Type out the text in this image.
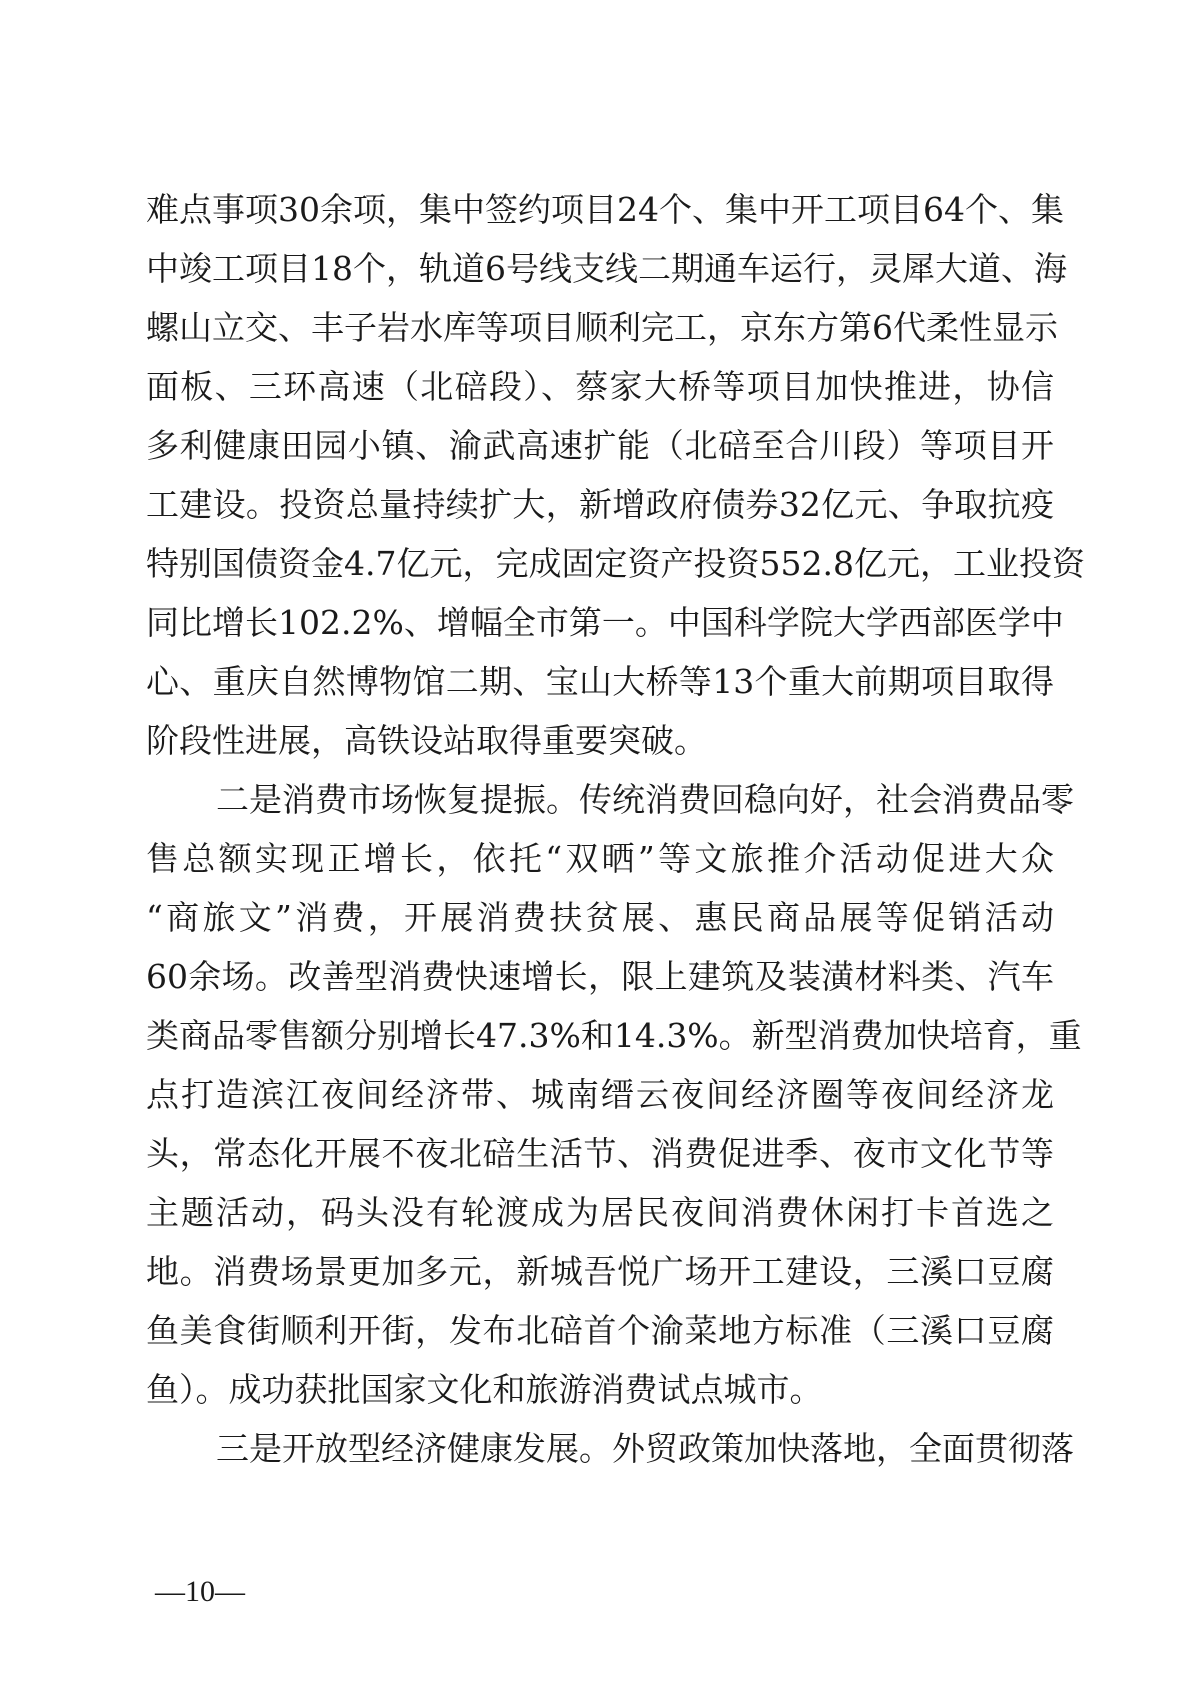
难点事项30余项，集中签约项目24个、集中开工项目64个、集
中竣工项目18个，轨道6号线支线二期通车运行，灵犀大道、海
螺山立交、丰子岩水库等项目顺利完工，京东方第6代柔性显示
面板、三环高速（北碚段）、蔡家大桥等项目加快推进，协信
多利健康田园小镇、渝武高速扩能（北碚至合川段）等项目开
工建设。投资总量持续扩大，新增政府债券32亿元、争取抗疫
特别国债资金4.7亿元，完成固定资产投资552.8亿元，工业投资
同比增长102.2%、增幅全市第一。中国科学院大学西部医学中
心、重庆自然博物馆二期、宝山大桥等13个重大前期项目取得
阶段性进展，高铁设站取得重要突破。
二是消费市场恢复提振。传统消费回稳向好，社会消费品零
售总额实现正增长，依托“双晒”等文旅推介活动促进大众
“商旅文”消费，开展消费扶贫展、惠民商品展等促销活动
60余场。改善型消费快速增长，限上建筑及装潢材料类、汽车
类商品零售额分别增长47.3%和14.3%。新型消费加快培育，重
点打造滨江夜间经济带、城南缙云夜间经济圈等夜间经济龙
头，常态化开展不夜北碚生活节、消费促进季、夜市文化节等
主题活动，码头没有轮渡成为居民夜间消费休闲打卡首选之
地。消费场景更加多元，新城吾悦广场开工建设，三溪口豆腐
鱼美食街顺利开街，发布北碚首个渝菜地方标准（三溪口豆腐
鱼）。成功获批国家文化和旅游消费试点城市。
三是开放型经济健康发展。外贸政策加快落地，全面贯彻落
—10—
